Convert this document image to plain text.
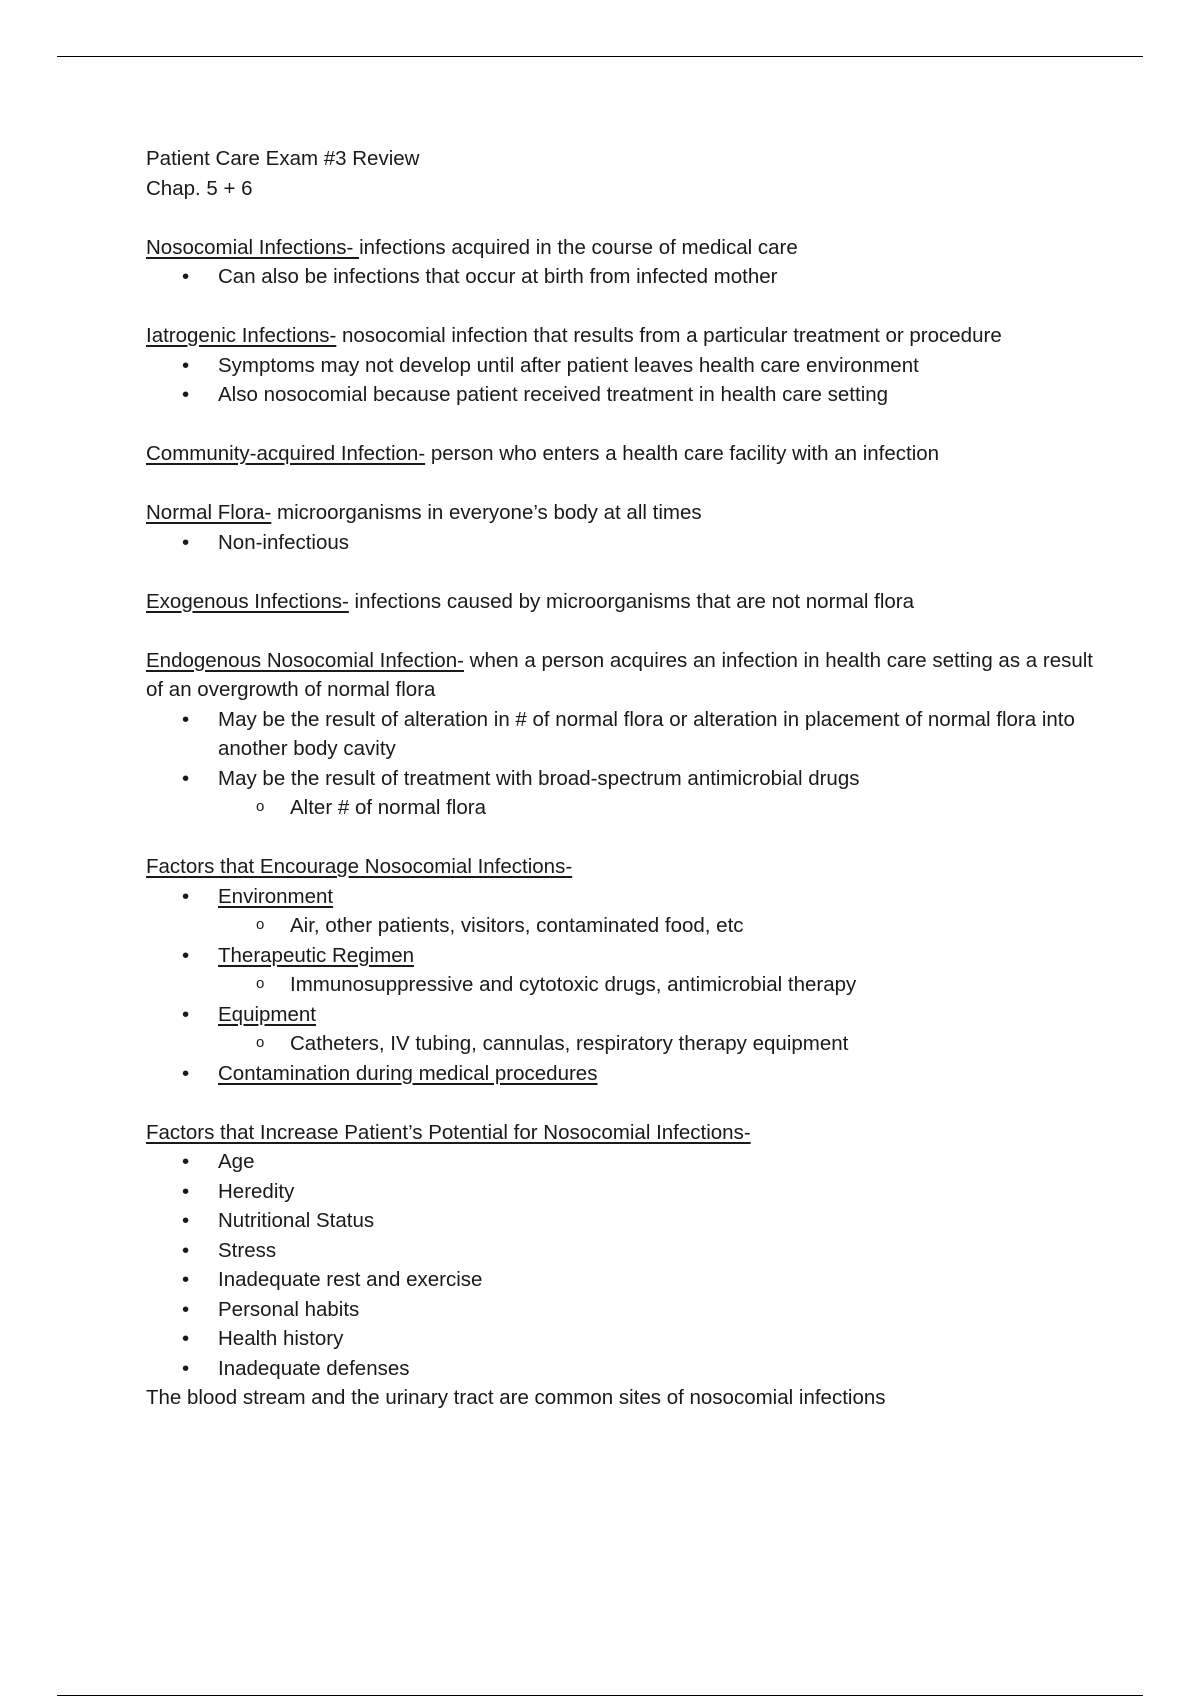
Patient Care Exam #3 Review

Chap. 5 + 6

Nosocomial Infections- infections acquired in the course of medical care

• Can also be infections that occur at birth from infected mother

Iatrogenic Infections- nosocomial infection that results from a particular treatment or procedure

• Symptoms may not develop until after patient leaves health care environment
• Also nosocomial because patient received treatment in health care setting

Community-acquired Infection- person who enters a health care facility with an infection

Normal Flora- microorganisms in everyone’s body at all times

• Non-infectious

Exogenous Infections- infections caused by microorganisms that are not normal flora

Endogenous Nosocomial Infection- when a person acquires an infection in health care setting as a result of an overgrowth of normal flora

• May be the result of alteration in # of normal flora or alteration in placement of normal flora into another body cavity
• May be the result of treatment with broad-spectrum antimicrobial drugs
o Alter # of normal flora

Factors that Encourage Nosocomial Infections-

• Environment
o Air, other patients, visitors, contaminated food, etc
• Therapeutic Regimen
o Immunosuppressive and cytotoxic drugs, antimicrobial therapy
• Equipment
o Catheters, IV tubing, cannulas, respiratory therapy equipment
• Contamination during medical procedures

Factors that Increase Patient’s Potential for Nosocomial Infections-

• Age
• Heredity
• Nutritional Status
• Stress
• Inadequate rest and exercise
• Personal habits
• Health history
• Inadequate defenses

The blood stream and the urinary tract are common sites of nosocomial infections
